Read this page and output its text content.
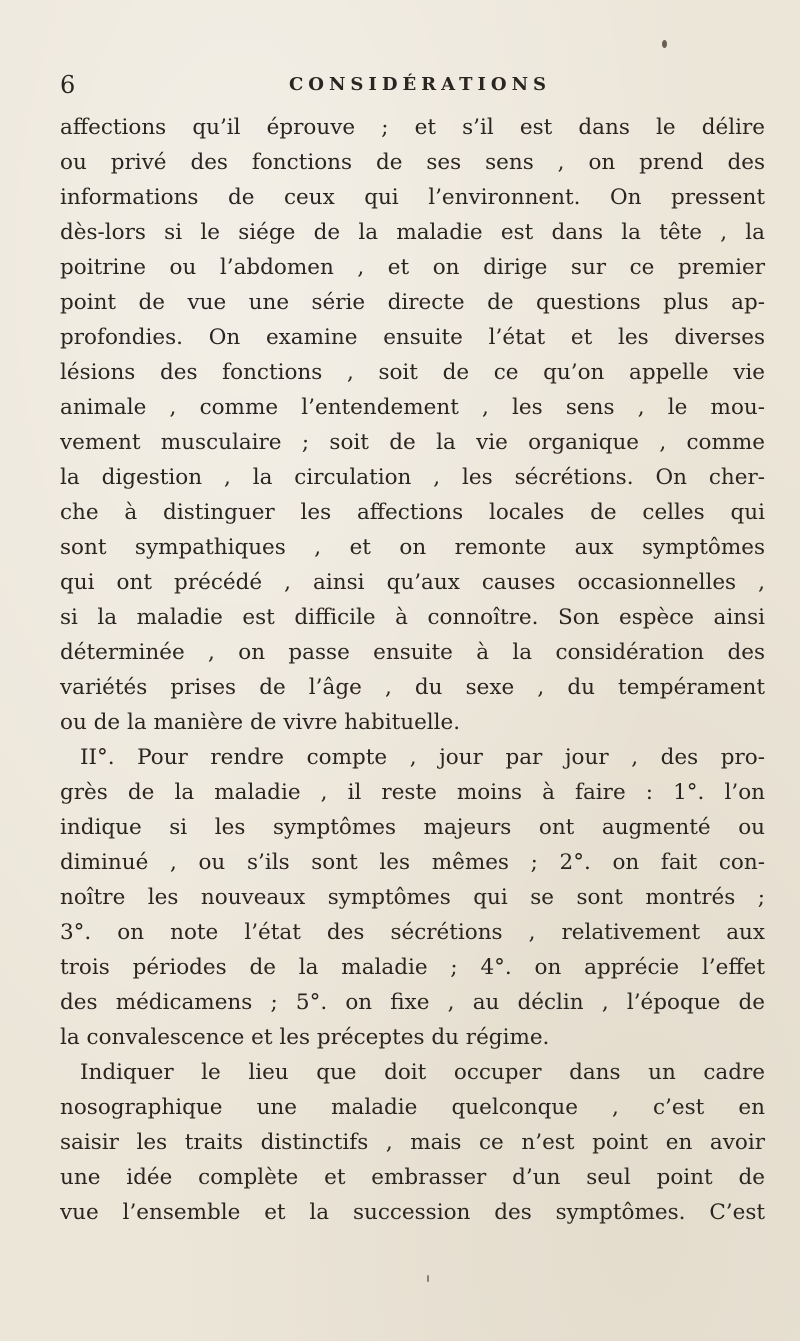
6	CONSIDÉRATIONS
affections qu’il éprouve ; et s’il est dans le délire
ou privé des fonctions de ses sens , on prend des
informations de ceux qui l’environnent. On pressent
dès-lors si le siége de la maladie est dans la tête , la
poitrine ou l’abdomen , et on dirige sur ce premier
point de vue une série directe de questions plus ap-
profondies. On examine ensuite l’état et les diverses
lésions des fonctions , soit de ce qu’on appelle vie
animale , comme l’entendement , les sens , le mou-
vement musculaire ; soit de la vie organique , comme
la digestion , la circulation , les sécrétions. On cher-
che à distinguer les affections locales de celles qui
sont sympathiques , et on remonte aux symptômes
qui ont précédé , ainsi qu’aux causes occasionnelles ,
si la maladie est difficile à connoître. Son espèce ainsi
déterminée , on passe ensuite à la considération des
variétés prises de l’âge , du sexe , du tempérament
ou de la manière de vivre habituelle.
II°. Pour rendre compte , jour par jour , des pro-
grès de la maladie , il reste moins à faire : 1°. l’on
indique si les symptômes majeurs ont augmenté ou
diminué , ou s’ils sont les mêmes ; 2°. on fait con-
noître les nouveaux symptômes qui se sont montrés ;
3°. on note l’état des sécrétions , relativement aux
trois périodes de la maladie ; 4°. on apprécie l’effet
des médicamens ; 5°. on fixe , au déclin , l’époque de
la convalescence et les préceptes du régime.
Indiquer le lieu que doit occuper dans un cadre
nosographique une maladie quelconque , c’est en
saisir les traits distinctifs , mais ce n’est point en avoir
une idée complète et embrasser d’un seul point de
vue l’ensemble et la succession des symptômes. C’est
